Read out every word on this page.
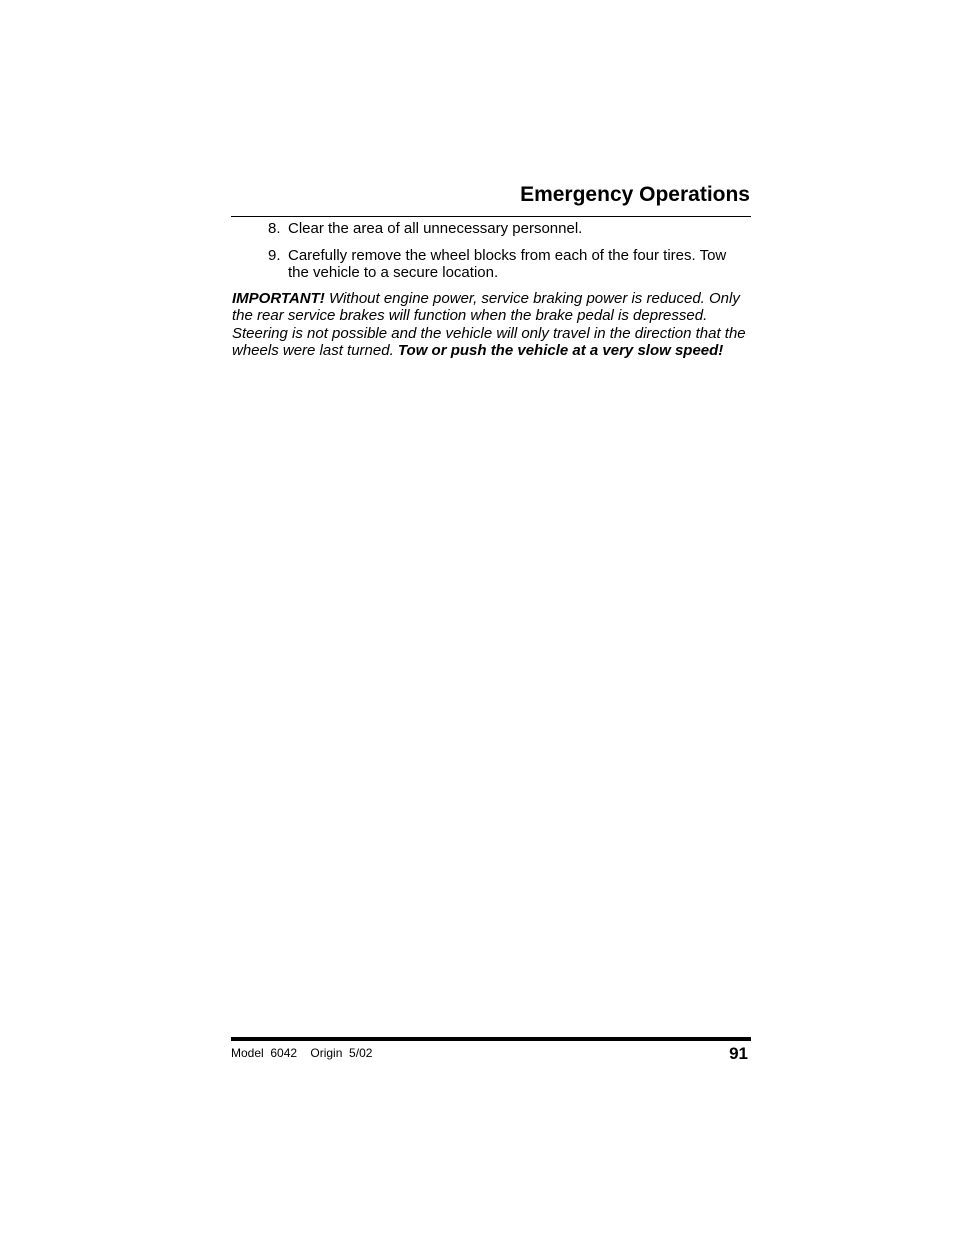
Emergency Operations
8. Clear the area of all unnecessary personnel.
9. Carefully remove the wheel blocks from each of the four tires. Tow the vehicle to a secure location.

IMPORTANT! Without engine power, service braking power is reduced. Only the rear service brakes will function when the brake pedal is depressed. Steering is not possible and the vehicle will only travel in the direction that the wheels were last turned. Tow or push the vehicle at a very slow speed!

Model  6042    Origin  5/02	91
